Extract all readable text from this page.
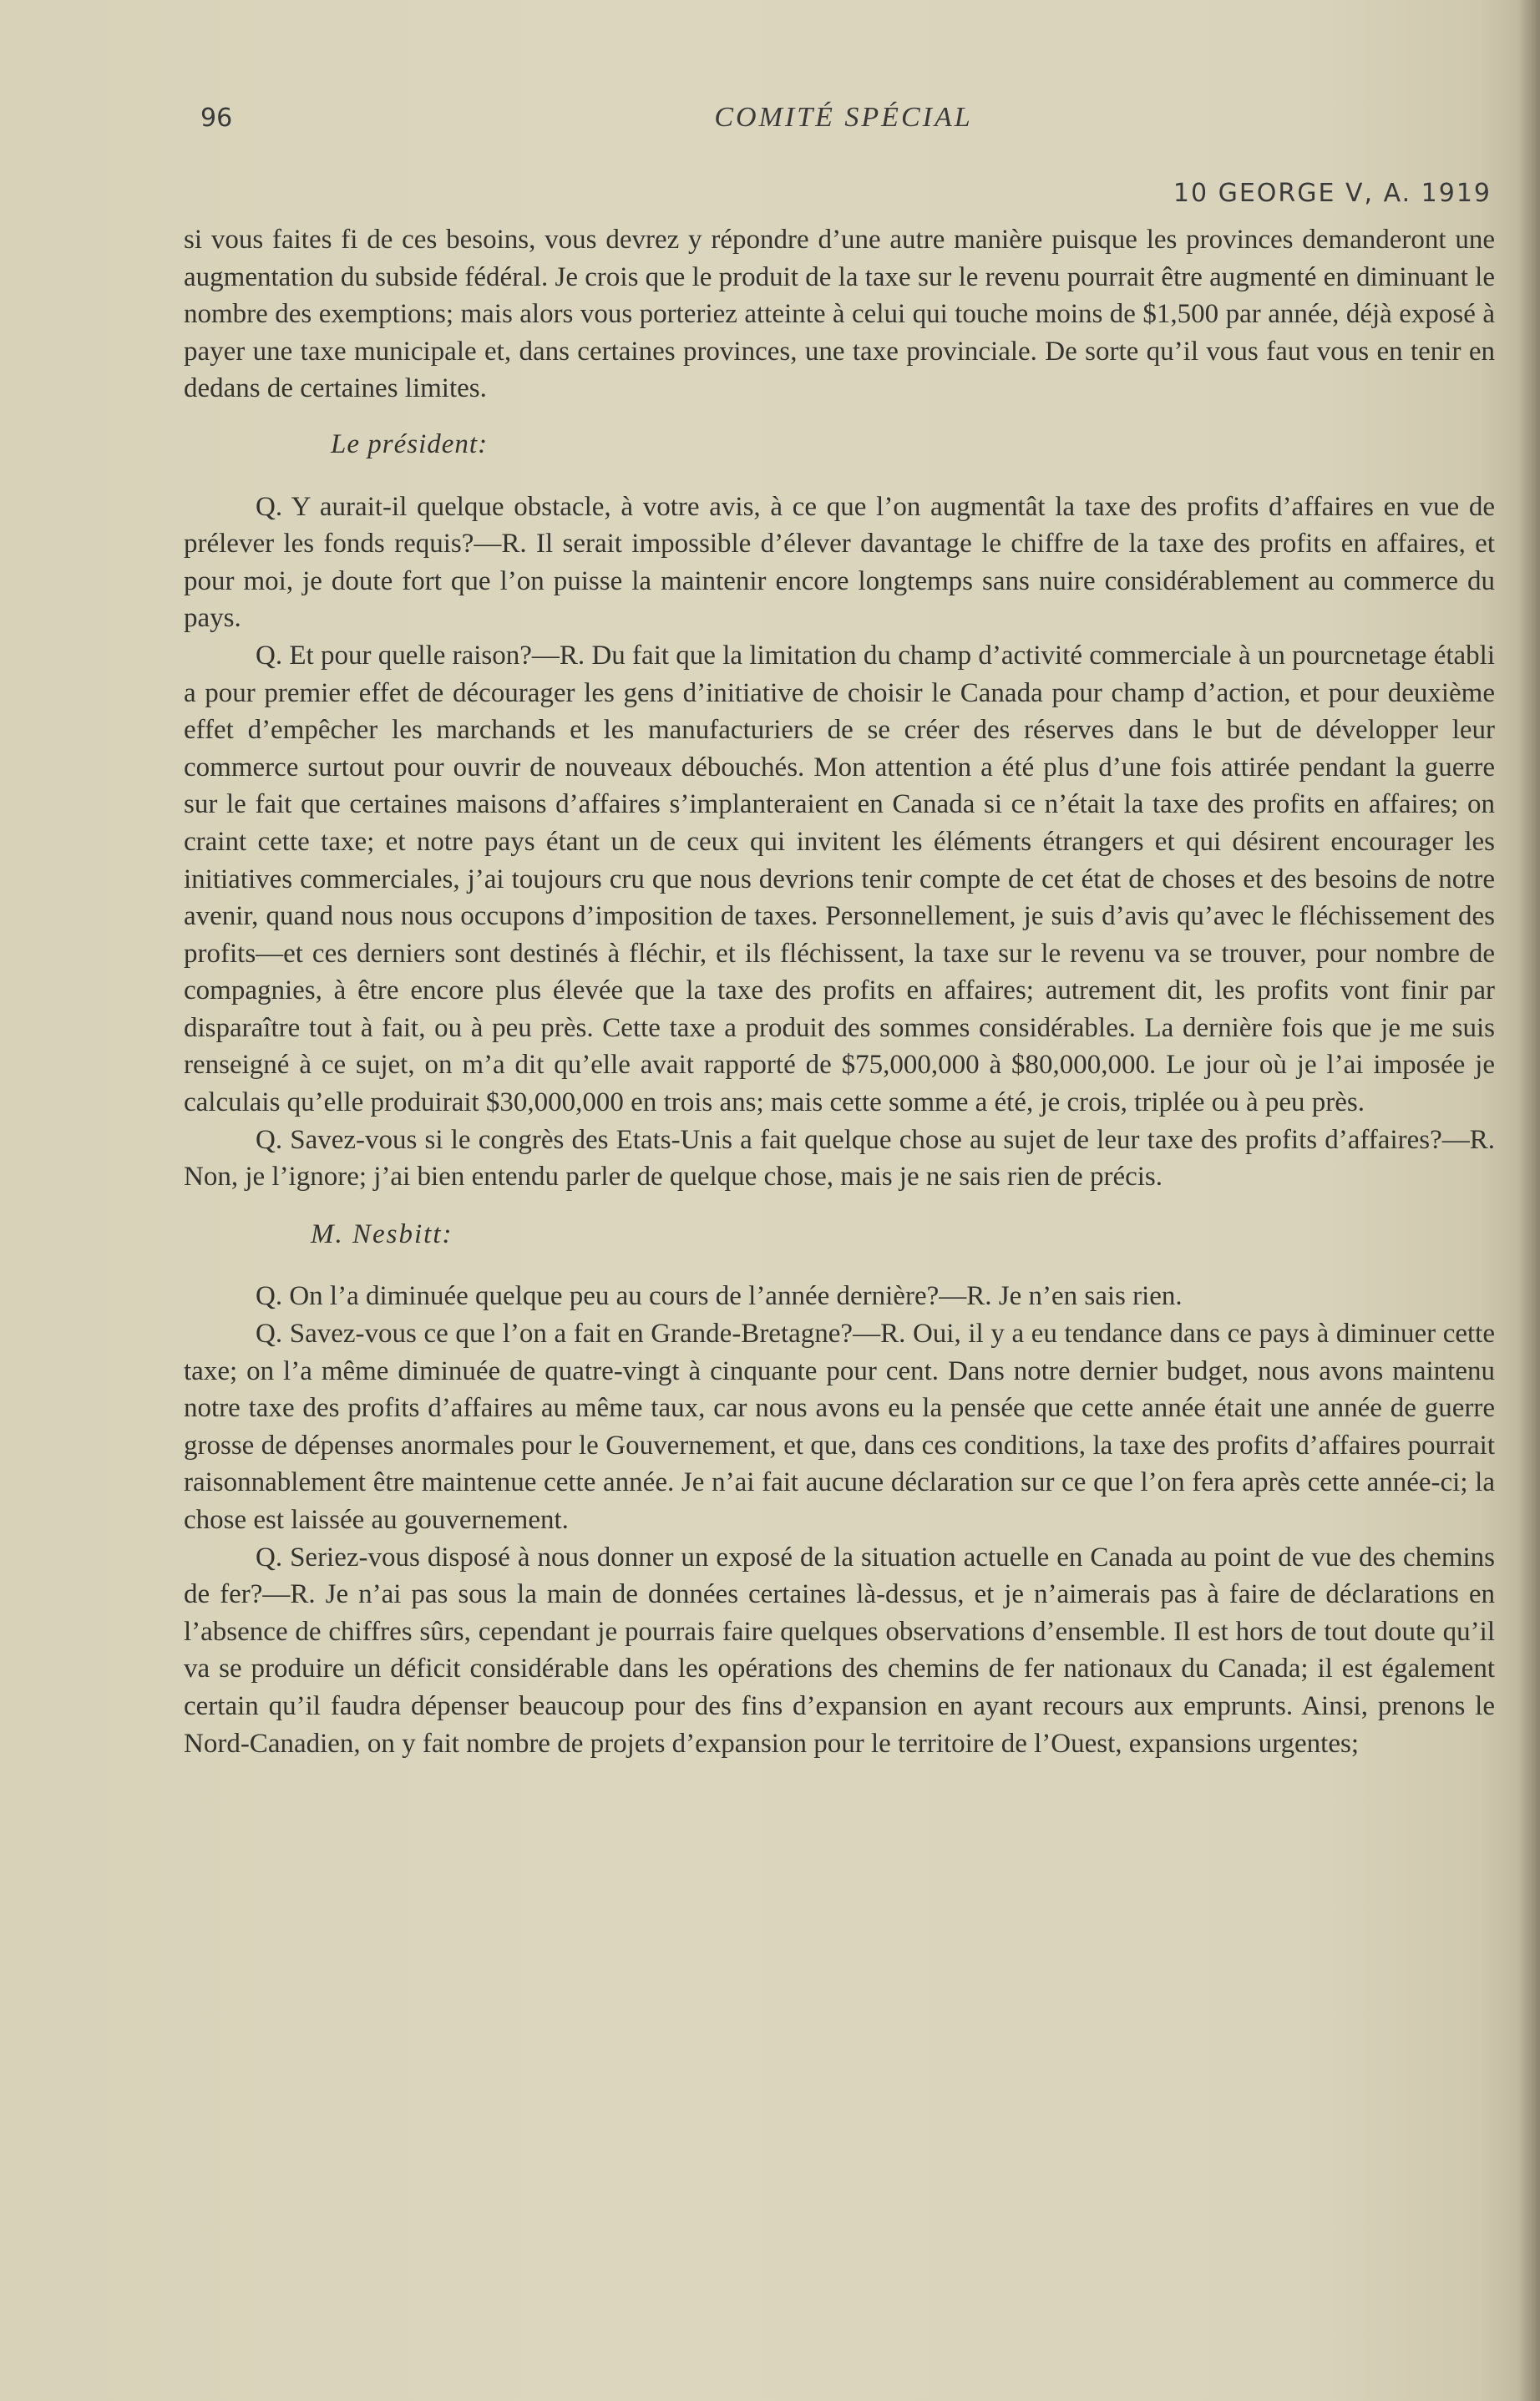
96	COMITÉ SPÉCIAL
10 GEORGE V, A. 1919

si vous faites fi de ces besoins, vous devrez y répondre d’une autre manière puisque les provinces demanderont une augmentation du subside fédéral. Je crois que le produit de la taxe sur le revenu pourrait être augmenté en diminuant le nombre des exemptions; mais alors vous porteriez atteinte à celui qui touche moins de $1,500 par année, déjà exposé à payer une taxe municipale et, dans certaines provinces, une taxe provinciale. De sorte qu’il vous faut vous en tenir en dedans de certaines limites.

Le président:

Q. Y aurait-il quelque obstacle, à votre avis, à ce que l’on augmentât la taxe des profits d’affaires en vue de prélever les fonds requis?—R. Il serait impossible d’élever davantage le chiffre de la taxe des profits en affaires, et pour moi, je doute fort que l’on puisse la maintenir encore longtemps sans nuire considérablement au commerce du pays.

Q. Et pour quelle raison?—R. Du fait que la limitation du champ d’activité commerciale à un pourcnetage établi a pour premier effet de décourager les gens d’initiative de choisir le Canada pour champ d’action, et pour deuxième effet d’empêcher les marchands et les manufacturiers de se créer des réserves dans le but de développer leur commerce surtout pour ouvrir de nouveaux débouchés. Mon attention a été plus d’une fois attirée pendant la guerre sur le fait que certaines maisons d’affaires s’implanteraient en Canada si ce n’était la taxe des profits en affaires; on craint cette taxe; et notre pays étant un de ceux qui invitent les éléments étrangers et qui désirent encourager les initiatives commerciales, j’ai toujours cru que nous devrions tenir compte de cet état de choses et des besoins de notre avenir, quand nous nous occupons d’imposition de taxes. Personnellement, je suis d’avis qu’avec le fléchissement des profits—et ces derniers sont destinés à fléchir, et ils fléchissent, la taxe sur le revenu va se trouver, pour nombre de compagnies, à être encore plus élevée que la taxe des profits en affaires; autrement dit, les profits vont finir par disparaître tout à fait, ou à peu près. Cette taxe a produit des sommes considérables. La dernière fois que je me suis renseigné à ce sujet, on m’a dit qu’elle avait rapporté de $75,000,000 à $80,000,000. Le jour où je l’ai imposée je calculais qu’elle produirait $30,000,000 en trois ans; mais cette somme a été, je crois, triplée ou à peu près.

Q. Savez-vous si le congrès des Etats-Unis a fait quelque chose au sujet de leur taxe des profits d’affaires?—R. Non, je l’ignore; j’ai bien entendu parler de quelque chose, mais je ne sais rien de précis.

M. Nesbitt:

Q. On l’a diminuée quelque peu au cours de l’année dernière?—R. Je n’en sais rien.

Q. Savez-vous ce que l’on a fait en Grande-Bretagne?—R. Oui, il y a eu tendance dans ce pays à diminuer cette taxe; on l’a même diminuée de quatre-vingt à cinquante pour cent. Dans notre dernier budget, nous avons maintenu notre taxe des profits d’affaires au même taux, car nous avons eu la pensée que cette année était une année de guerre grosse de dépenses anormales pour le Gouvernement, et que, dans ces conditions, la taxe des profits d’affaires pourrait raisonnablement être maintenue cette année. Je n’ai fait aucune déclaration sur ce que l’on fera après cette année-ci; la chose est laissée au gouvernement.

Q. Seriez-vous disposé à nous donner un exposé de la situation actuelle en Canada au point de vue des chemins de fer?—R. Je n’ai pas sous la main de données certaines là-dessus, et je n’aimerais pas à faire de déclarations en l’absence de chiffres sûrs, cependant je pourrais faire quelques observations d’ensemble. Il est hors de tout doute qu’il va se produire un déficit considérable dans les opérations des chemins de fer nationaux du Canada; il est également certain qu’il faudra dépenser beaucoup pour des fins d’expansion en ayant recours aux emprunts. Ainsi, prenons le Nord-Canadien, on y fait nombre de projets d’expansion pour le territoire de l’Ouest, expansions urgentes;
